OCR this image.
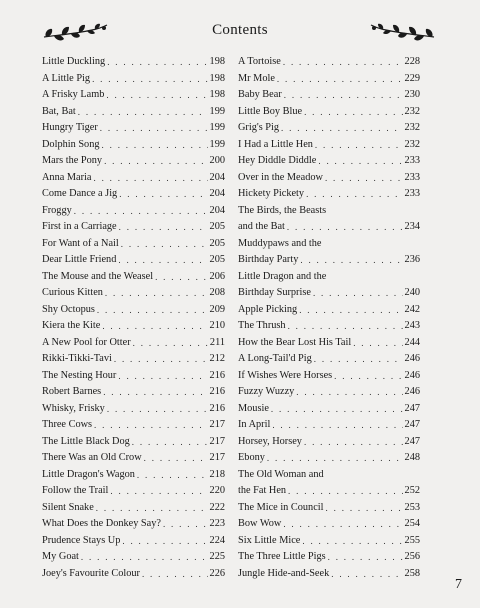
Contents
Little Duckling . . .	198
A Little Pig . . .	198
A Frisky Lamb . . .	198
Bat, Bat . . .	199
Hungry Tiger . . .	199
Dolphin Song . . .	199
Mars the Pony . . .	200
Anna Maria . . .	204
Come Dance a Jig . . .	204
Froggy . . .	204
First in a Carriage . . .	205
For Want of a Nail . . .	205
Dear Little Friend . . .	205
The Mouse and the Weasel . . .	206
Curious Kitten . . .	208
Shy Octopus . . .	209
Kiera the Kite . . .	210
A New Pool for Otter . . .	211
Rikki-Tikki-Tavi . . .	212
The Nesting Hour . . .	216
Robert Barnes . . .	216
Whisky, Frisky . . .	216
Three Cows . . .	217
The Little Black Dog . . .	217
There Was an Old Crow . . .	217
Little Dragon's Wagon . . .	218
Follow the Trail . . .	220
Silent Snake . . .	222
What Does the Donkey Say? . . .	223
Prudence Stays Up . . .	224
My Goat . . .	225
Joey's Favourite Colour . . .	226
A Tortoise . . .	228
Mr Mole . . .	229
Baby Bear . . .	230
Little Boy Blue . . .	232
Grig's Pig . . .	232
I Had a Little Hen . . .	232
Hey Diddle Diddle . . .	233
Over in the Meadow . . .	233
Hickety Pickety . . .	233
The Birds, the Beasts
and the Bat . . .	234
Muddypaws and the
Birthday Party . . .	236
Little Dragon and the
Birthday Surprise . . .	240
Apple Picking . . .	242
The Thrush . . .	243
How the Bear Lost His Tail . . .	244
A Long-Tail'd Pig . . .	246
If Wishes Were Horses . . .	246
Fuzzy Wuzzy . . .	246
Mousie . . .	247
In April . . .	247
Horsey, Horsey . . .	247
Ebony . . .	248
The Old Woman and
the Fat Hen . . .	252
The Mice in Council . . .	253
Bow Wow . . .	254
Six Little Mice . . .	255
The Three Little Pigs . . .	256
Jungle Hide-and-Seek . . .	258
7
